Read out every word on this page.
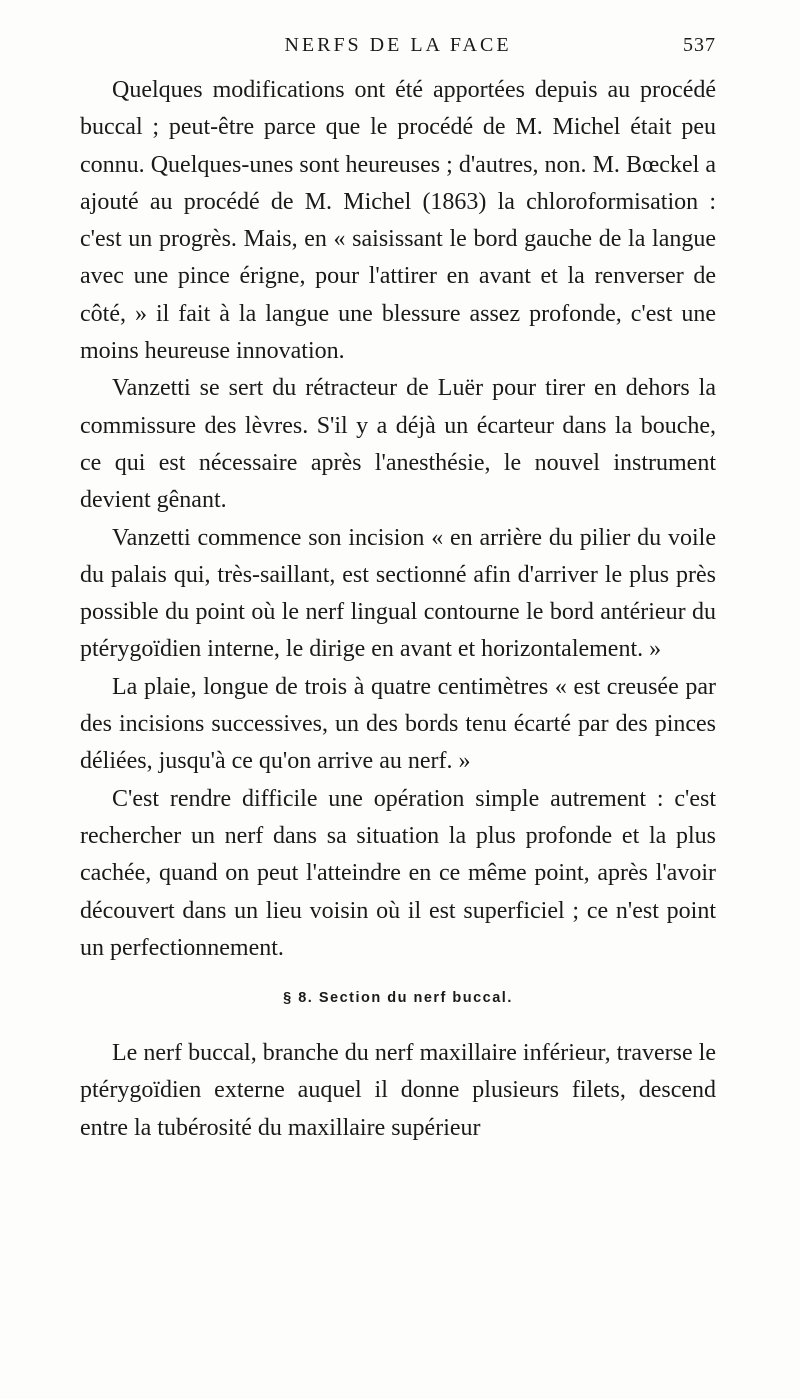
NERFS DE LA FACE	537

Quelques modifications ont été apportées depuis au procédé buccal ; peut-être parce que le procédé de M. Michel était peu connu. Quelques-unes sont heureuses ; d'autres, non. M. Bœckel a ajouté au procédé de M. Michel (1863) la chloroformisation : c'est un progrès. Mais, en « saisissant le bord gauche de la langue avec une pince érigne, pour l'attirer en avant et la renverser de côté, » il fait à la langue une blessure assez profonde, c'est une moins heureuse innovation.

Vanzetti se sert du rétracteur de Luër pour tirer en dehors la commissure des lèvres. S'il y a déjà un écarteur dans la bouche, ce qui est nécessaire après l'anesthésie, le nouvel instrument devient gênant.

Vanzetti commence son incision « en arrière du pilier du voile du palais qui, très-saillant, est sectionné afin d'arriver le plus près possible du point où le nerf lingual contourne le bord antérieur du ptérygoïdien interne, le dirige en avant et horizontalement. »

La plaie, longue de trois à quatre centimètres « est creusée par des incisions successives, un des bords tenu écarté par des pinces déliées, jusqu'à ce qu'on arrive au nerf. »

C'est rendre difficile une opération simple autrement : c'est rechercher un nerf dans sa situation la plus profonde et la plus cachée, quand on peut l'atteindre en ce même point, après l'avoir découvert dans un lieu voisin où il est superficiel ; ce n'est point un perfectionnement.

§ 8. Section du nerf buccal.

Le nerf buccal, branche du nerf maxillaire inférieur, traverse le ptérygoïdien externe auquel il donne plusieurs filets, descend entre la tubérosité du maxillaire supérieur
